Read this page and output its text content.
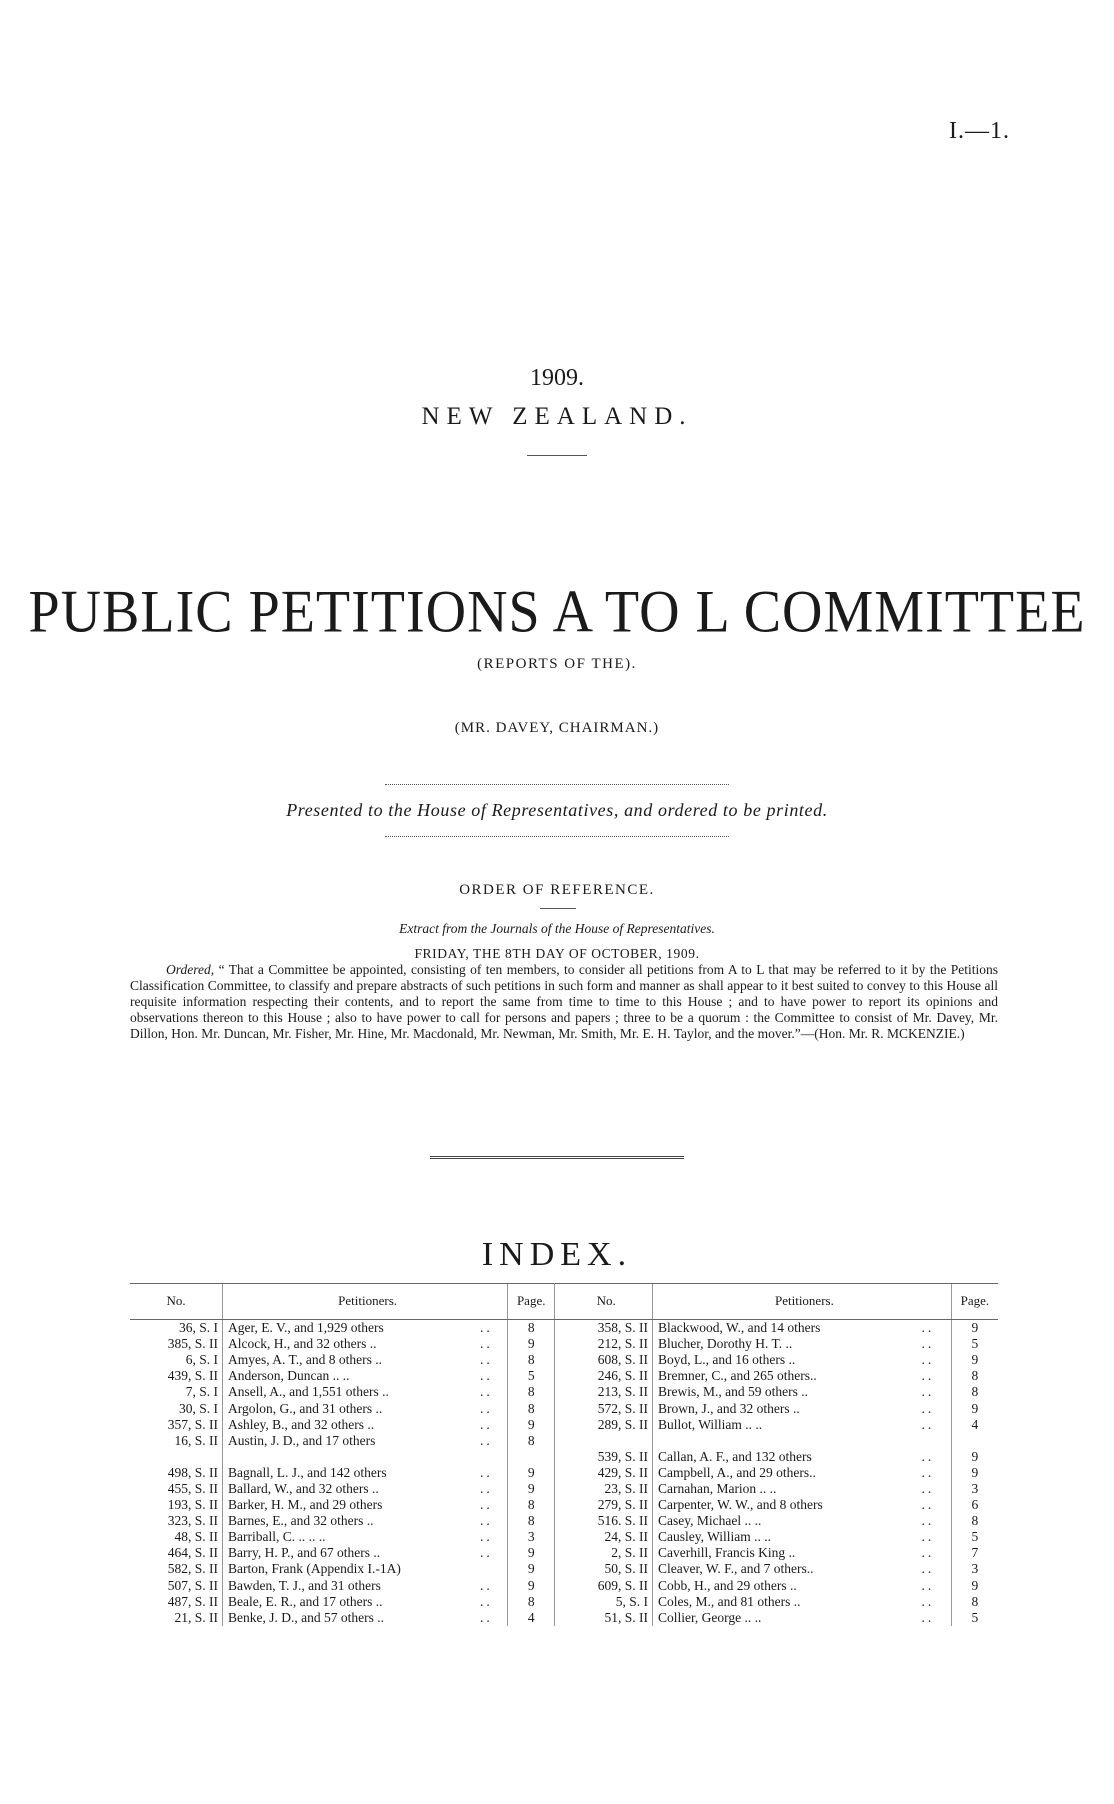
I.—1.
1909.
NEW ZEALAND.
PUBLIC PETITIONS A TO L COMMITTEE
(REPORTS OF THE).
(MR. DAVEY, CHAIRMAN.)
Presented to the House of Representatives, and ordered to be printed.
ORDER OF REFERENCE.
Extract from the Journals of the House of Representatives.
FRIDAY, THE 8TH DAY OF OCTOBER, 1909.
Ordered, “ That a Committee be appointed, consisting of ten members, to consider all petitions from A to L that may be referred to it by the Petitions Classification Committee, to classify and prepare abstracts of such petitions in such form and manner as shall appear to it best suited to convey to this House all requisite information respecting their contents, and to report the same from time to time to this House ; and to have power to report its opinions and observations thereon to this House ; also to have power to call for persons and papers ; three to be a quorum : the Committee to consist of Mr. Davey, Mr. Dillon, Hon. Mr. Duncan, Mr. Fisher, Mr. Hine, Mr. Macdonald, Mr. Newman, Mr. Smith, Mr. E. H. Taylor, and the mover.”—(Hon. Mr. R. MCKENZIE.)
INDEX.
No.	Petitioners.		Page.		No.	Petitioners.		Page.
36, S. I	Ager, E. V., and 1,929 others	..	8		358, S. II	Blackwood, W., and 14 others	..	9
385, S. II	Alcock, H., and 32 others ..	..	9		212, S. II	Blucher, Dorothy H. T. ..	..	5
6, S. I	Amyes, A. T., and 8 others ..	..	8		608, S. II	Boyd, L., and 16 others ..	..	9
439, S. II	Anderson, Duncan .. ..	..	5		246, S. II	Bremner, C., and 265 others..	..	8
7, S. I	Ansell, A., and 1,551 others ..	..	8		213, S. II	Brewis, M., and 59 others ..	..	8
30, S. I	Argolon, G., and 31 others ..	..	8		572, S. II	Brown, J., and 32 others ..	..	9
357, S. II	Ashley, B., and 32 others ..	..	9		289, S. II	Bullot, William .. ..	..	4
16, S. II	Austin, J. D., and 17 others	..	8					
					539, S. II	Callan, A. F., and 132 others	..	9
498, S. II	Bagnall, L. J., and 142 others	..	9		429, S. II	Campbell, A., and 29 others..	..	9
455, S. II	Ballard, W., and 32 others ..	..	9		23, S. II	Carnahan, Marion .. ..	..	3
193, S. II	Barker, H. M., and 29 others	..	8		279, S. II	Carpenter, W. W., and 8 others	..	6
323, S. II	Barnes, E., and 32 others ..	..	8		516. S. II	Casey, Michael .. ..	..	8
48, S. II	Barriball, C. .. .. ..	..	3		24, S. II	Causley, William .. ..	..	5
464, S. II	Barry, H. P., and 67 others ..	..	9		2, S. II	Caverhill, Francis King ..	..	7
582, S. II	Barton, Frank (Appendix I.-1A)		9		50, S. II	Cleaver, W. F., and 7 others..	..	3
507, S. II	Bawden, T. J., and 31 others	..	9		609, S. II	Cobb, H., and 29 others ..	..	9
487, S. II	Beale, E. R., and 17 others ..	..	8		5, S. I	Coles, M., and 81 others ..	..	8
21, S. II	Benke, J. D., and 57 others ..	..	4		51, S. II	Collier, George .. ..	..	5
